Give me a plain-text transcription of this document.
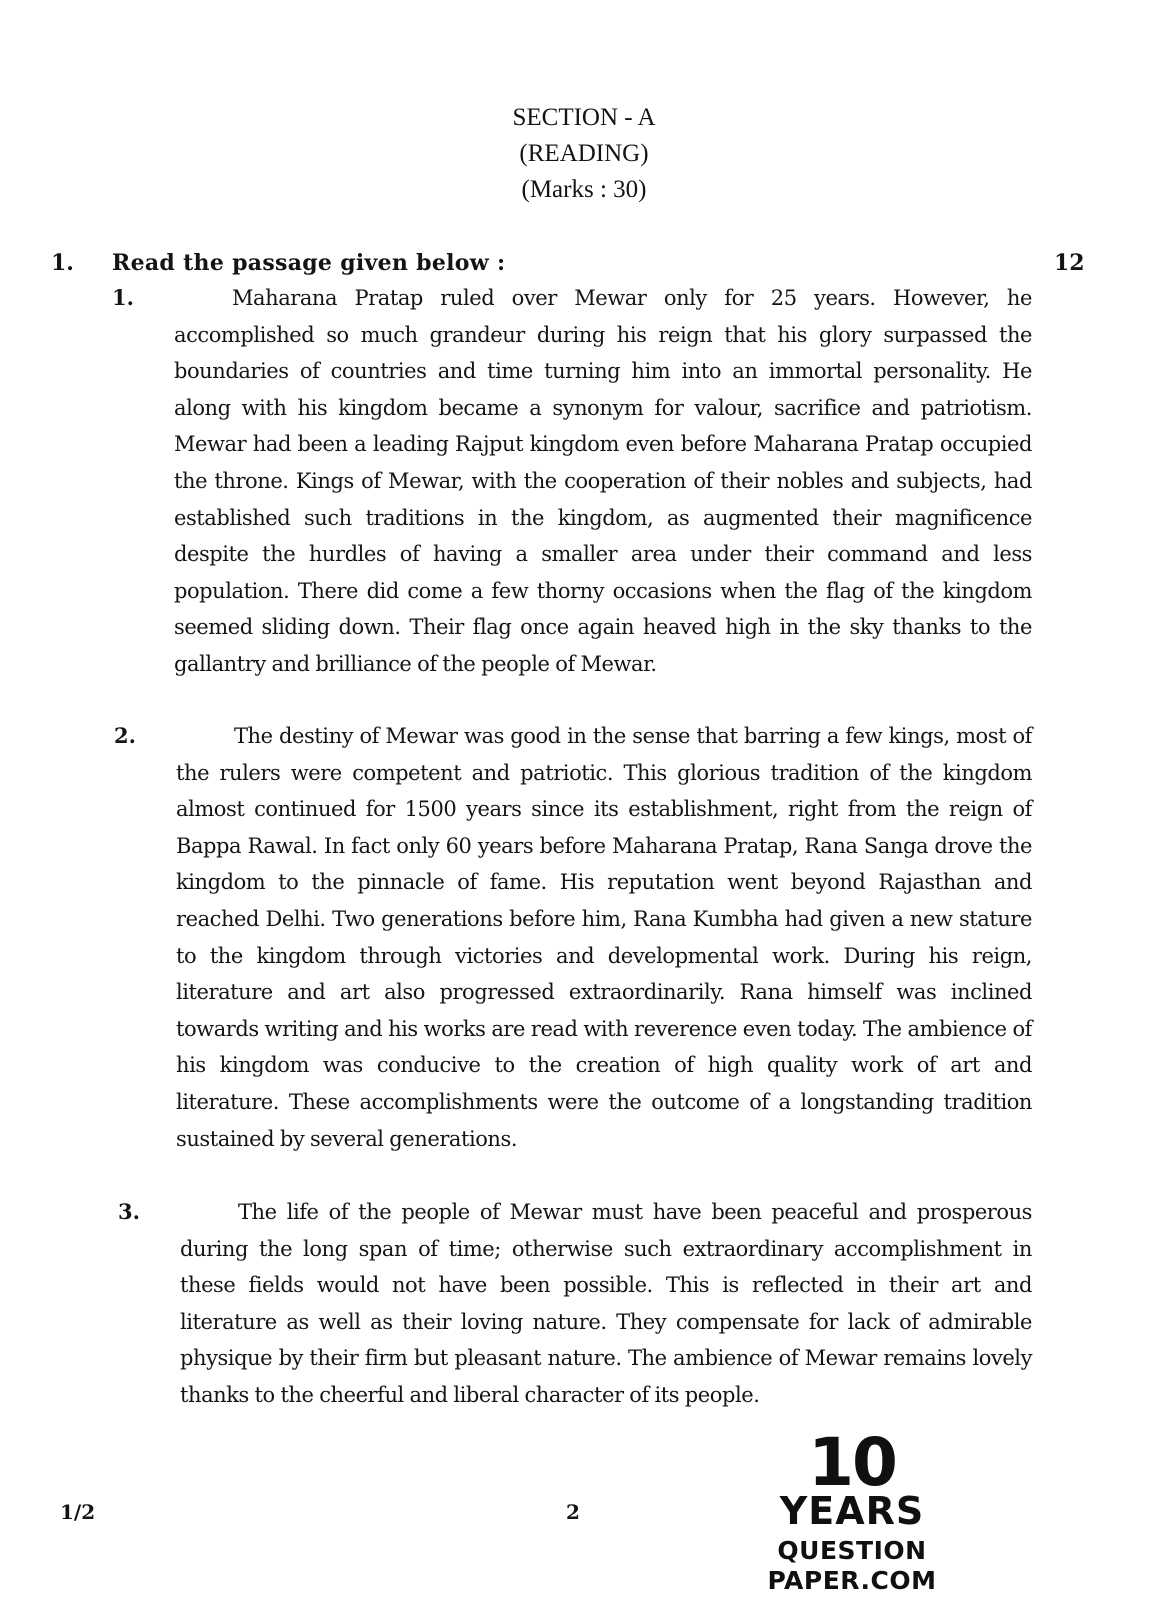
SECTION - A
(READING)
(Marks : 30)
1. Read the passage given below :	12
1.	Maharana Pratap ruled over Mewar only for 25 years. However, he accomplished so much grandeur during his reign that his glory surpassed the boundaries of countries and time turning him into an immortal personality. He along with his kingdom became a synonym for valour, sacrifice and patriotism. Mewar had been a leading Rajput kingdom even before Maharana Pratap occupied the throne. Kings of Mewar, with the cooperation of their nobles and subjects, had established such traditions in the kingdom, as augmented their magnificence despite the hurdles of having a smaller area under their command and less population. There did come a few thorny occasions when the flag of the kingdom seemed sliding down. Their flag once again heaved high in the sky thanks to the gallantry and brilliance of the people of Mewar.
2.	The destiny of Mewar was good in the sense that barring a few kings, most of the rulers were competent and patriotic. This glorious tradition of the kingdom almost continued for 1500 years since its establishment, right from the reign of Bappa Rawal. In fact only 60 years before Maharana Pratap, Rana Sanga drove the kingdom to the pinnacle of fame. His reputation went beyond Rajasthan and reached Delhi. Two generations before him, Rana Kumbha had given a new stature to the kingdom through victories and developmental work. During his reign, literature and art also progressed extraordinarily. Rana himself was inclined towards writing and his works are read with reverence even today. The ambience of his kingdom was conducive to the creation of high quality work of art and literature. These accomplishments were the outcome of a longstanding tradition sustained by several generations.
3.	The life of the people of Mewar must have been peaceful and prosperous during the long span of time; otherwise such extraordinary accomplishment in these fields would not have been possible. This is reflected in their art and literature as well as their loving nature. They compensate for lack of admirable physique by their firm but pleasant nature. The ambience of Mewar remains lovely thanks to the cheerful and liberal character of its people.
1/2	2
10
YEARS
QUESTION PAPER.COM
